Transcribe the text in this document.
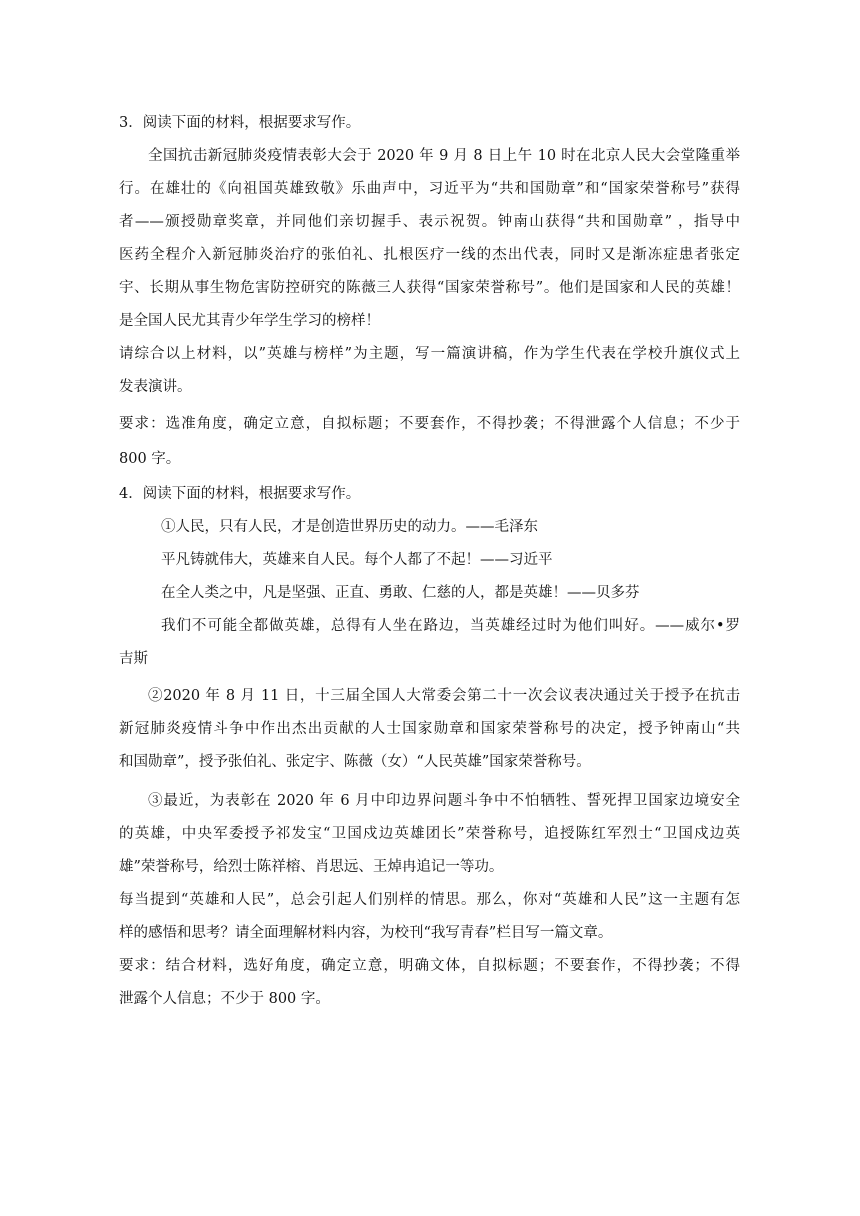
3．阅读下面的材料，根据要求写作。
全国抗击新冠肺炎疫情表彰大会于 2020 年 9 月 8 日上午 10 时在北京人民大会堂隆重举
行。在雄壮的《向祖国英雄致敬》乐曲声中，习近平为“共和国勋章”和“国家荣誉称号”获得
者——颁授勋章奖章，并同他们亲切握手、表示祝贺。钟南山获得“共和国勋章” ，指导中
医药全程介入新冠肺炎治疗的张伯礼、扎根医疗一线的杰出代表，同时又是渐冻症患者张定
宇、长期从事生物危害防控研究的陈薇三人获得“国家荣誉称号”。他们是国家和人民的英雄！
是全国人民尤其青少年学生学习的榜样！
请综合以上材料，以”英雄与榜样”为主题，写一篇演讲稿，作为学生代表在学校升旗仪式上
发表演讲。
要求：选准角度，确定立意，自拟标题；不要套作，不得抄袭；不得泄露个人信息；不少于
800 字。
4．阅读下面的材料，根据要求写作。
①人民，只有人民，才是创造世界历史的动力。——毛泽东
平凡铸就伟大，英雄来自人民。每个人都了不起！——习近平
在全人类之中，凡是坚强、正直、勇敢、仁慈的人，都是英雄！——贝多芬
我们不可能全都做英雄，总得有人坐在路边，当英雄经过时为他们叫好。——威尔•罗
吉斯
②2020 年 8 月 11 日，十三届全国人大常委会第二十一次会议表决通过关于授予在抗击
新冠肺炎疫情斗争中作出杰出贡献的人士国家勋章和国家荣誉称号的决定，授予钟南山“共
和国勋章”，授予张伯礼、张定宇、陈薇（女）“人民英雄”国家荣誉称号。
③最近，为表彰在 2020 年 6 月中印边界问题斗争中不怕牺牲、誓死捍卫国家边境安全
的英雄，中央军委授予祁发宝“卫国戍边英雄团长”荣誉称号，追授陈红军烈士“卫国戍边英
雄”荣誉称号，给烈士陈祥榕、肖思远、王焯冉追记一等功。
每当提到“英雄和人民”，总会引起人们别样的情思。那么，你对“英雄和人民”这一主题有怎
样的感悟和思考？请全面理解材料内容，为校刊“我写青春”栏目写一篇文章。
要求：结合材料，选好角度，确定立意，明确文体，自拟标题；不要套作，不得抄袭；不得
泄露个人信息；不少于 800 字。
